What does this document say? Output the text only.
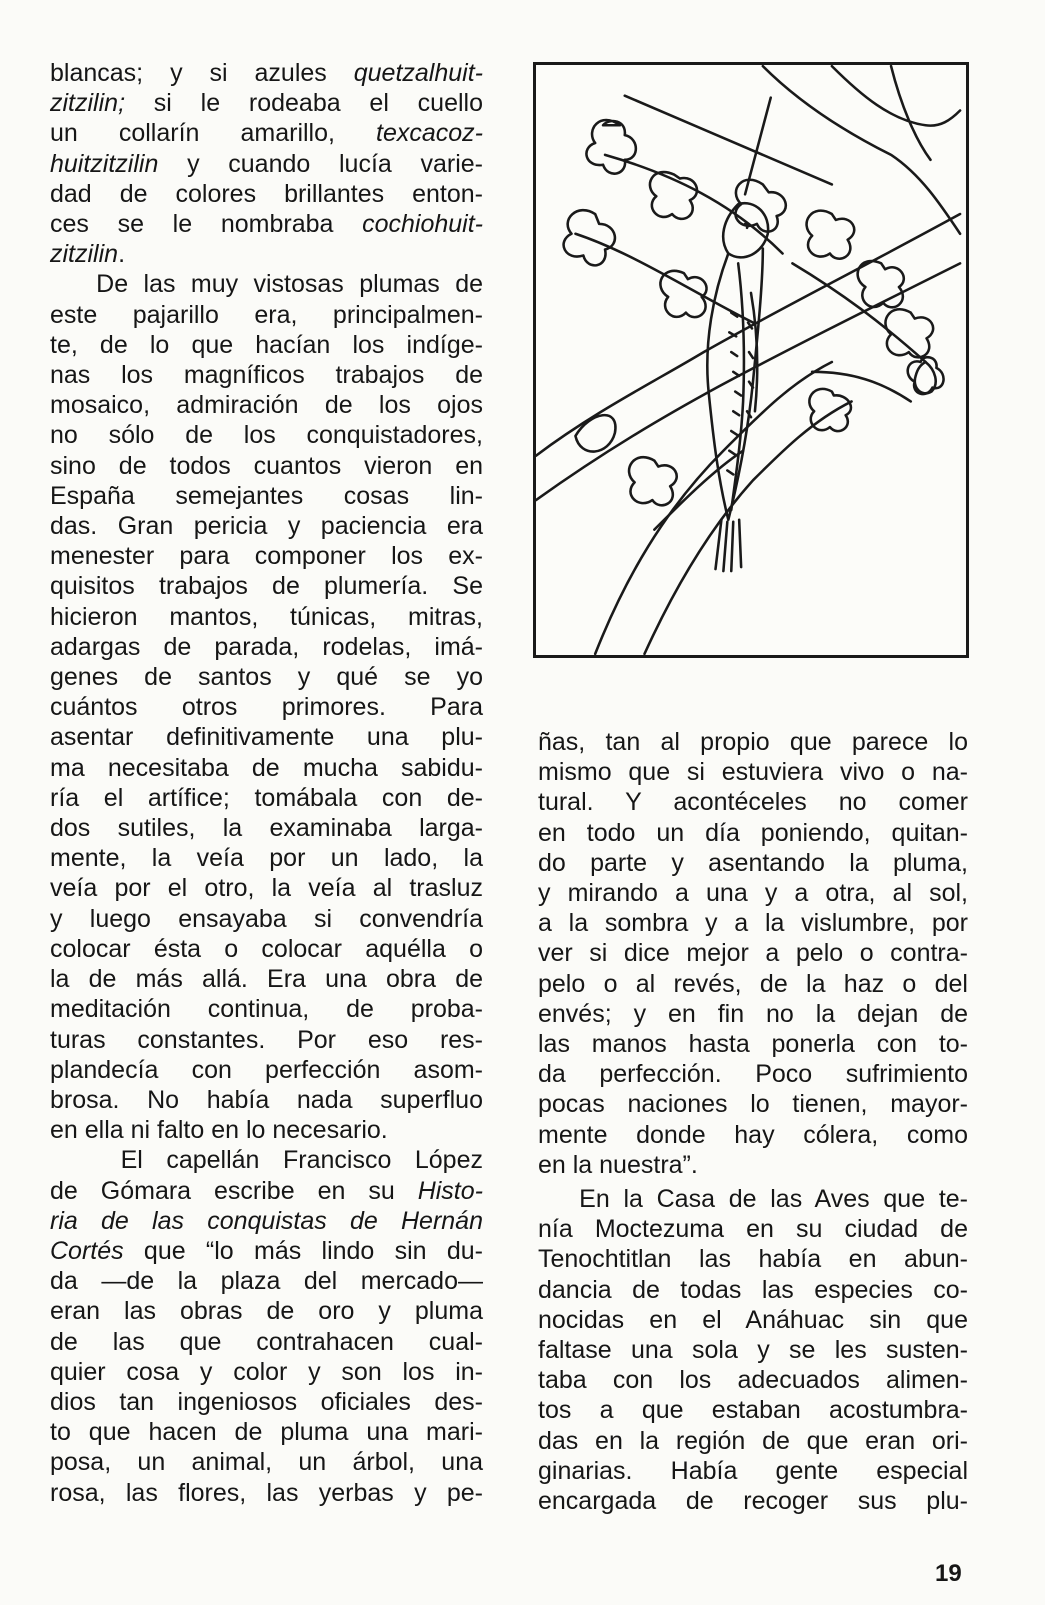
blancas; y si azules quetzalhuit-
zitzilin; si le rodeaba el cuello
un collarín amarillo, texcacoz-
huitzitzilin y cuando lucía varie-
dad de colores brillantes enton-
ces se le nombraba cochiohuit-
zitzilin.
De las muy vistosas plumas de
este pajarillo era, principalmen-
te, de lo que hacían los indíge-
nas los magníficos trabajos de
mosaico, admiración de los ojos
no sólo de los conquistadores,
sino de todos cuantos vieron en
España semejantes cosas lin-
das. Gran pericia y paciencia era
menester para componer los ex-
quisitos trabajos de plumería. Se
hicieron mantos, túnicas, mitras,
adargas de parada, rodelas, imá-
genes de santos y qué se yo
cuántos otros primores. Para
asentar definitivamente una plu-
ma necesitaba de mucha sabidu-
ría el artífice; tomábala con de-
dos sutiles, la examinaba larga-
mente, la veía por un lado, la
veía por el otro, la veía al trasluz
y luego ensayaba si convendría
colocar ésta o colocar aquélla o
la de más allá. Era una obra de
meditación continua, de proba-
turas constantes. Por eso res-
plandecía con perfección asom-
brosa. No había nada superfluo
en ella ni falto en lo necesario.
El capellán Francisco López
de Gómara escribe en su Histo-
ria de las conquistas de Hernán
Cortés que “lo más lindo sin du-
da —de la plaza del mercado—
eran las obras de oro y pluma
de las que contrahacen cual-
quier cosa y color y son los in-
dios tan ingeniosos oficiales des-
to que hacen de pluma una mari-
posa, un animal, un árbol, una
rosa, las flores, las yerbas y pe-
ñas, tan al propio que parece lo
mismo que si estuviera vivo o na-
tural. Y acontéceles no comer
en todo un día poniendo, quitan-
do parte y asentando la pluma,
y mirando a una y a otra, al sol,
a la sombra y a la vislumbre, por
ver si dice mejor a pelo o contra-
pelo o al revés, de la haz o del
envés; y en fin no la dejan de
las manos hasta ponerla con to-
da perfección. Poco sufrimiento
pocas naciones lo tienen, mayor-
mente donde hay cólera, como
en la nuestra”.
En la Casa de las Aves que te-
nía Moctezuma en su ciudad de
Tenochtitlan las había en abun-
dancia de todas las especies co-
nocidas en el Anáhuac sin que
faltase una sola y se les susten-
taba con los adecuados alimen-
tos a que estaban acostumbra-
das en la región de que eran ori-
ginarias. Había gente especial
encargada de recoger sus plu-
19
